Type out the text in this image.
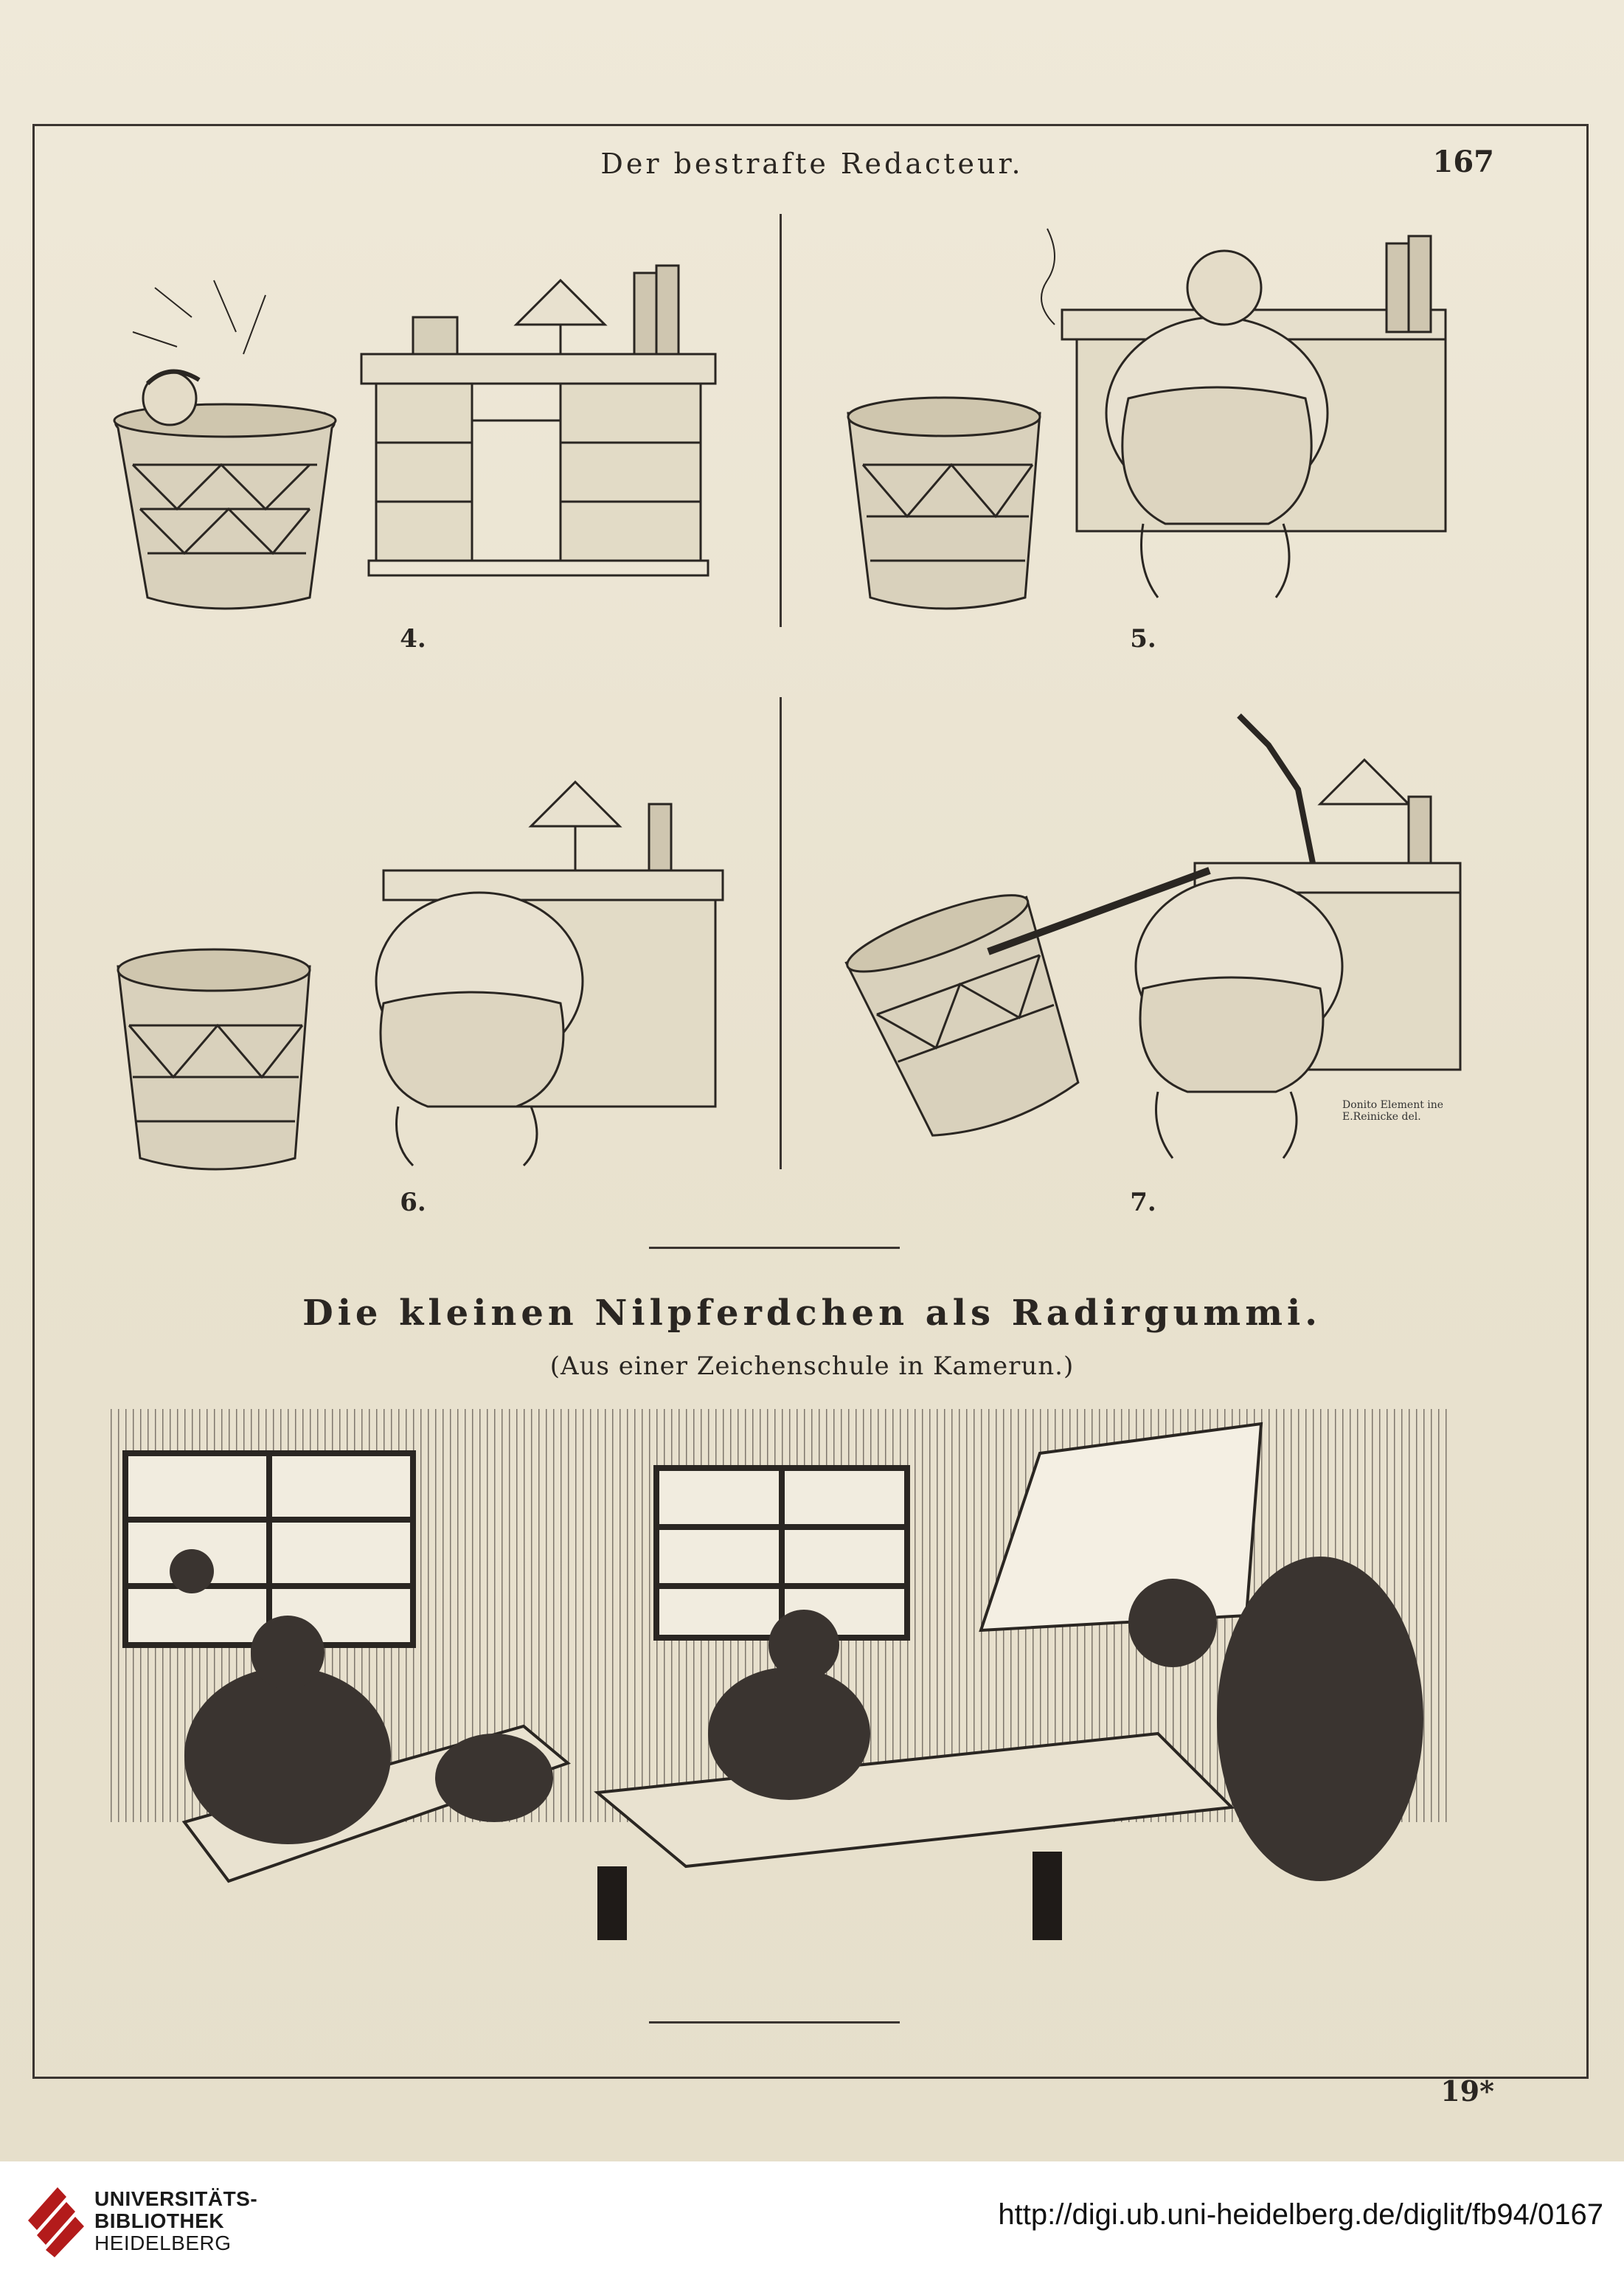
Der bestrafte Redacteur.	167
4.	5.
6.
Donito Element ine
E.Reinicke del.
7.
Die kleinen Nilpferdchen als Radirgummi.
(Aus einer Zeichenschule in Kamerun.)
19*
UNIVERSITÄTS-
BIBLIOTHEK
HEIDELBERG
http://digi.ub.uni-heidelberg.de/diglit/fb94/0167
